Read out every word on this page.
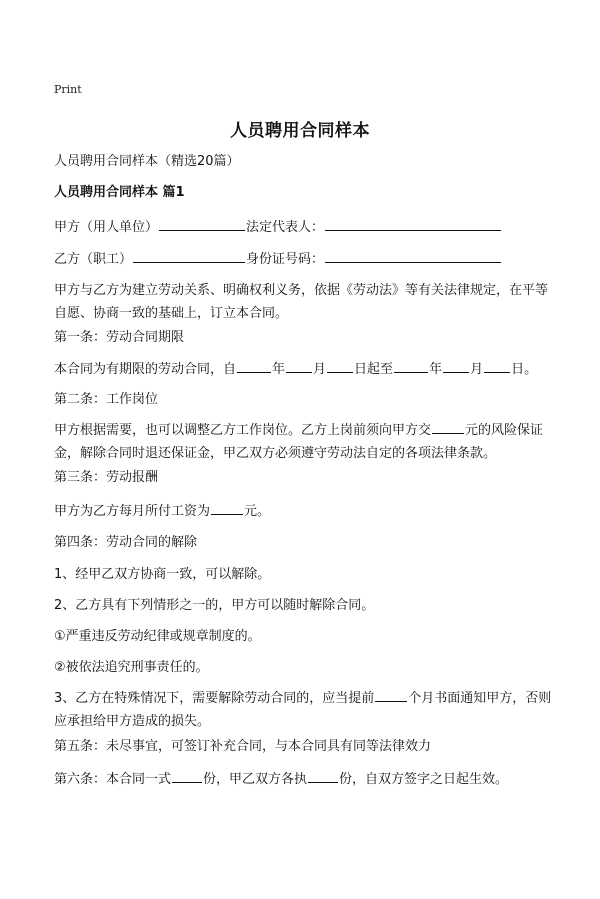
Print
人员聘用合同样本
人员聘用合同样本（精选20篇）
人员聘用合同样本 篇1
甲方（用人单位）	法定代表人：
乙方（职工）	身份证号码：
甲方与乙方为建立劳动关系、明确权利义务，依据《劳动法》等有关法律规定，在平等自愿、协商一致的基础上，订立本合同。
第一条：劳动合同期限
本合同为有期限的劳动合同，自	年 月 日起至	年 月 日。
第二条：工作岗位
甲方根据需要，也可以调整乙方工作岗位。乙方上岗前须向甲方交	元的风险保证金，解除合同时退还保证金，甲乙双方必须遵守劳动法自定的各项法律条款。
第三条：劳动报酬
甲方为乙方每月所付工资为	元。
第四条：劳动合同的解除
1、经甲乙双方协商一致，可以解除。
2、乙方具有下列情形之一的，甲方可以随时解除合同。
①严重违反劳动纪律或规章制度的。
②被依法追究刑事责任的。
3、乙方在特殊情况下，需要解除劳动合同的，应当提前	个月书面通知甲方，否则应承担给甲方造成的损失。
第五条：未尽事宜，可签订补充合同，与本合同具有同等法律效力
第六条：本合同一式 份，甲乙双方各执 份，自双方签字之日起生效。
